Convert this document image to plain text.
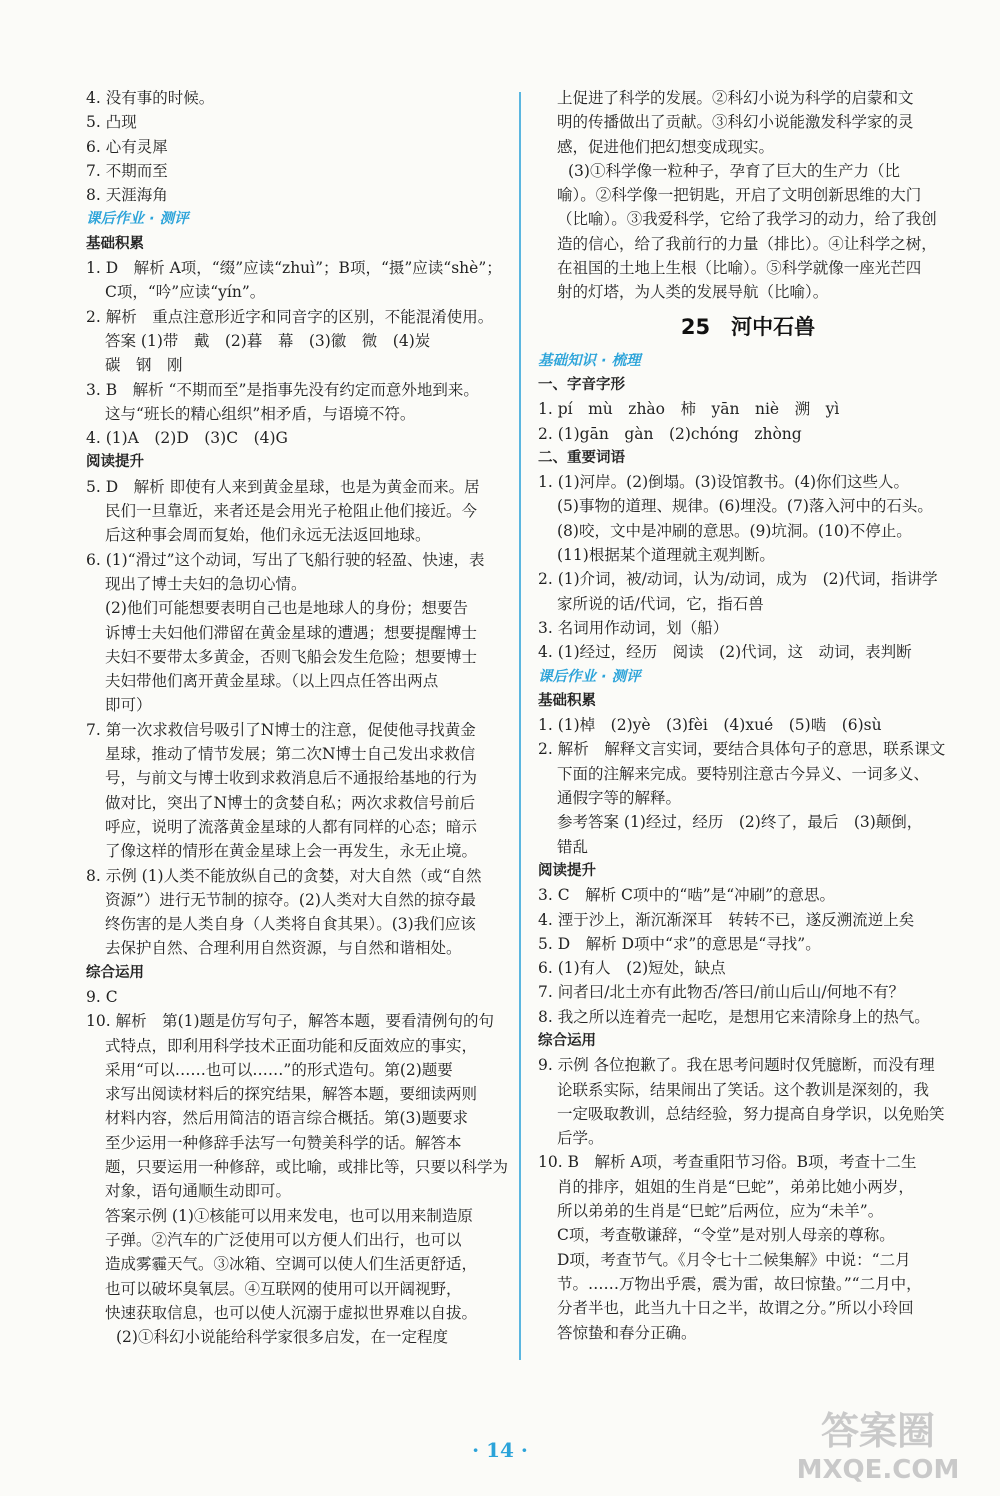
4. 没有事的时候。
5. 凸现
6. 心有灵犀
7. 不期而至
8. 天涯海角
课后作业 · 测评
基础积累
1. D　解析 A项，“缀”应读“zhuì”；B项，“摄”应读“shè”；
C项，“吟”应读“yín”。
2. 解析　重点注意形近字和同音字的区别，不能混淆使用。
答案 (1)带　戴　(2)暮　幕　(3)徽　微　(4)炭
碳　钢　刚
3. B　解析 “不期而至”是指事先没有约定而意外地到来。
这与“班长的精心组织”相矛盾，与语境不符。
4. (1)A　(2)D　(3)C　(4)G
阅读提升
5. D　解析 即使有人来到黄金星球，也是为黄金而来。居
民们一旦靠近，来者还是会用光子枪阻止他们接近。今
后这种事会周而复始，他们永远无法返回地球。
6. (1)“滑过”这个动词，写出了飞船行驶的轻盈、快速，表
现出了博士夫妇的急切心情。
(2)他们可能想要表明自己也是地球人的身份；想要告
诉博士夫妇他们滞留在黄金星球的遭遇；想要提醒博士
夫妇不要带太多黄金，否则飞船会发生危险；想要博士
夫妇带他们离开黄金星球。（以上四点任答出两点
即可）
7. 第一次求救信号吸引了N博士的注意，促使他寻找黄金
星球，推动了情节发展；第二次N博士自己发出求救信
号，与前文与博士收到求救消息后不通报给基地的行为
做对比，突出了N博士的贪婪自私；两次求救信号前后
呼应，说明了流落黄金星球的人都有同样的心态；暗示
了像这样的情形在黄金星球上会一再发生，永无止境。
8. 示例 (1)人类不能放纵自己的贪婪，对大自然（或“自然
资源”）进行无节制的掠夺。(2)人类对大自然的掠夺最
终伤害的是人类自身（人类将自食其果）。(3)我们应该
去保护自然、合理利用自然资源，与自然和谐相处。
综合运用
9. C
10. 解析　第(1)题是仿写句子，解答本题，要看清例句的句
式特点，即利用科学技术正面功能和反面效应的事实，
采用“可以……也可以……”的形式造句。第(2)题要
求写出阅读材料后的探究结果，解答本题，要细读两则
材料内容，然后用简洁的语言综合概括。第(3)题要求
至少运用一种修辞手法写一句赞美科学的话。解答本
题，只要运用一种修辞，或比喻，或排比等，只要以科学为
对象，语句通顺生动即可。
答案示例 (1)①核能可以用来发电，也可以用来制造原
子弹。②汽车的广泛使用可以方便人们出行，也可以
造成雾霾天气。③冰箱、空调可以使人们生活更舒适，
也可以破坏臭氧层。④互联网的使用可以开阔视野，
快速获取信息，也可以使人沉溺于虚拟世界难以自拔。
(2)①科幻小说能给科学家很多启发，在一定程度
上促进了科学的发展。②科幻小说为科学的启蒙和文
明的传播做出了贡献。③科幻小说能激发科学家的灵
感，促进他们把幻想变成现实。
(3)①科学像一粒种子，孕育了巨大的生产力（比
喻）。②科学像一把钥匙，开启了文明创新思维的大门
（比喻）。③我爱科学，它给了我学习的动力，给了我创
造的信心，给了我前行的力量（排比）。④让科学之树，
在祖国的土地上生根（比喻）。⑤科学就像一座光芒四
射的灯塔，为人类的发展导航（比喻）。
25　河中石兽
基础知识 · 梳理
一、字音字形
1. pí　mù　zhào　柿　yān　niè　溯　yì
2. (1)gān　gàn　(2)chóng　zhòng
二、重要词语
1. (1)河岸。(2)倒塌。(3)设馆教书。(4)你们这些人。
(5)事物的道理、规律。(6)埋没。(7)落入河中的石头。
(8)咬，文中是冲刷的意思。(9)坑洞。(10)不停止。
(11)根据某个道理就主观判断。
2. (1)介词，被/动词，认为/动词，成为　(2)代词，指讲学
家所说的话/代词，它，指石兽
3. 名词用作动词，划（船）
4. (1)经过，经历　阅读　(2)代词，这　动词，表判断
课后作业 · 测评
基础积累
1. (1)棹　(2)yè　(3)fèi　(4)xué　(5)啮　(6)sù
2. 解析　解释文言实词，要结合具体句子的意思，联系课文
下面的注解来完成。要特别注意古今异义、一词多义、
通假字等的解释。
参考答案 (1)经过，经历　(2)终了，最后　(3)颠倒，
错乱
阅读提升
3. C　解析 C项中的“啮”是“冲刷”的意思。
4. 湮于沙上，渐沉渐深耳　转转不已，遂反溯流逆上矣
5. D　解析 D项中“求”的意思是“寻找”。
6. (1)有人　(2)短处，缺点
7. 问者曰/北土亦有此物否/答曰/前山后山/何地不有？
8. 我之所以连着壳一起吃，是想用它来清除身上的热气。
综合运用
9. 示例 各位抱歉了。我在思考问题时仅凭臆断，而没有理
论联系实际，结果闹出了笑话。这个教训是深刻的，我
一定吸取教训，总结经验，努力提高自身学识，以免贻笑
后学。
10. B　解析 A项，考查重阳节习俗。B项，考查十二生
肖的排序，姐姐的生肖是“巳蛇”，弟弟比她小两岁，
所以弟弟的生肖是“巳蛇”后两位，应为“未羊”。
C项，考查敬谦辞，“令堂”是对别人母亲的尊称。
D项，考查节气。《月令七十二候集解》中说：“二月
节。……万物出乎震，震为雷，故曰惊蛰。”“二月中，
分者半也，此当九十日之半，故谓之分。”所以小玲回
答惊蛰和春分正确。
· 14 ·	答案圈
MXQE.COM
